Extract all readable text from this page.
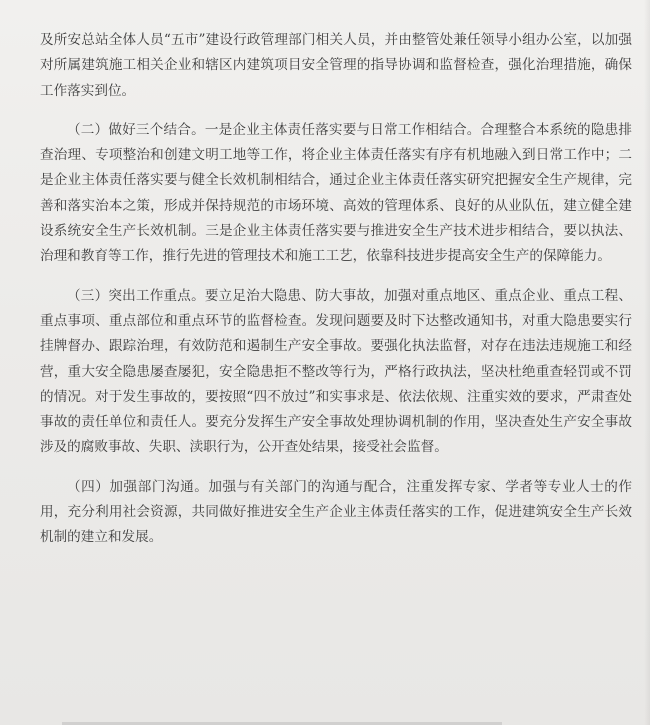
及所安总站全体人员“五市”建设行政管理部门相关人员，并由整管处兼任领导小组办公室，以加强对所属建筑施工相关企业和辖区内建筑项目安全管理的指导协调和监督检查，强化治理措施，确保工作落实到位。

（二）做好三个结合。一是企业主体责任落实要与日常工作相结合。合理整合本系统的隐患排查治理、专项整治和创建文明工地等工作，将企业主体责任落实有序有机地融入到日常工作中；二是企业主体责任落实要与健全长效机制相结合，通过企业主体责任落实研究把握安全生产规律，完善和落实治本之策，形成并保持规范的市场环境、高效的管理体系、良好的从业队伍，建立健全建设系统安全生产长效机制。三是企业主体责任落实要与推进安全生产技术进步相结合，要以执法、治理和教育等工作，推行先进的管理技术和施工工艺，依靠科技进步提高安全生产的保障能力。

（三）突出工作重点。要立足治大隐患、防大事故，加强对重点地区、重点企业、重点工程、重点事项、重点部位和重点环节的监督检查。发现问题要及时下达整改通知书，对重大隐患要实行挂牌督办、跟踪治理，有效防范和遏制生产安全事故。要强化执法监督，对存在违法违规施工和经营，重大安全隐患屡查屡犯，安全隐患拒不整改等行为，严格行政执法，坚决杜绝重查轻罚或不罚的情况。对于发生事故的，要按照“四不放过”和实事求是、依法依规、注重实效的要求，严肃查处事故的责任单位和责任人。要充分发挥生产安全事故处理协调机制的作用，坚决查处生产安全事故涉及的腐败事故、失职、渎职行为，公开查处结果，接受社会监督。

（四）加强部门沟通。加强与有关部门的沟通与配合，注重发挥专家、学者等专业人士的作用，充分利用社会资源，共同做好推进安全生产企业主体责任落实的工作，促进建筑安全生产长效机制的建立和发展。
